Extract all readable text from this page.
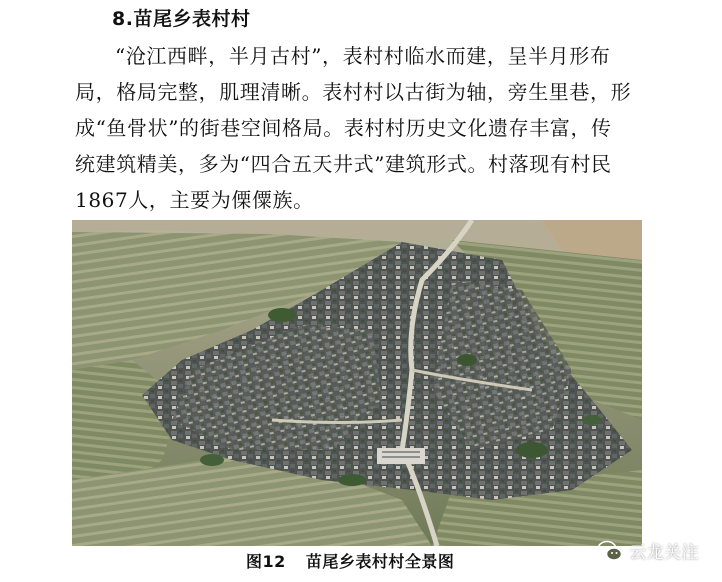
8.苗尾乡表村村
“沧江西畔，半月古村”，表村村临水而建，呈半月形布
局，格局完整，肌理清晰。表村村以古街为轴，旁生里巷，形
成“鱼骨状”的街巷空间格局。表村村历史文化遗存丰富，传
统建筑精美，多为“四合五天井式”建筑形式。村落现有村民
1867人，主要为傈僳族。
图12 苗尾乡表村村全景图	云龙关注
